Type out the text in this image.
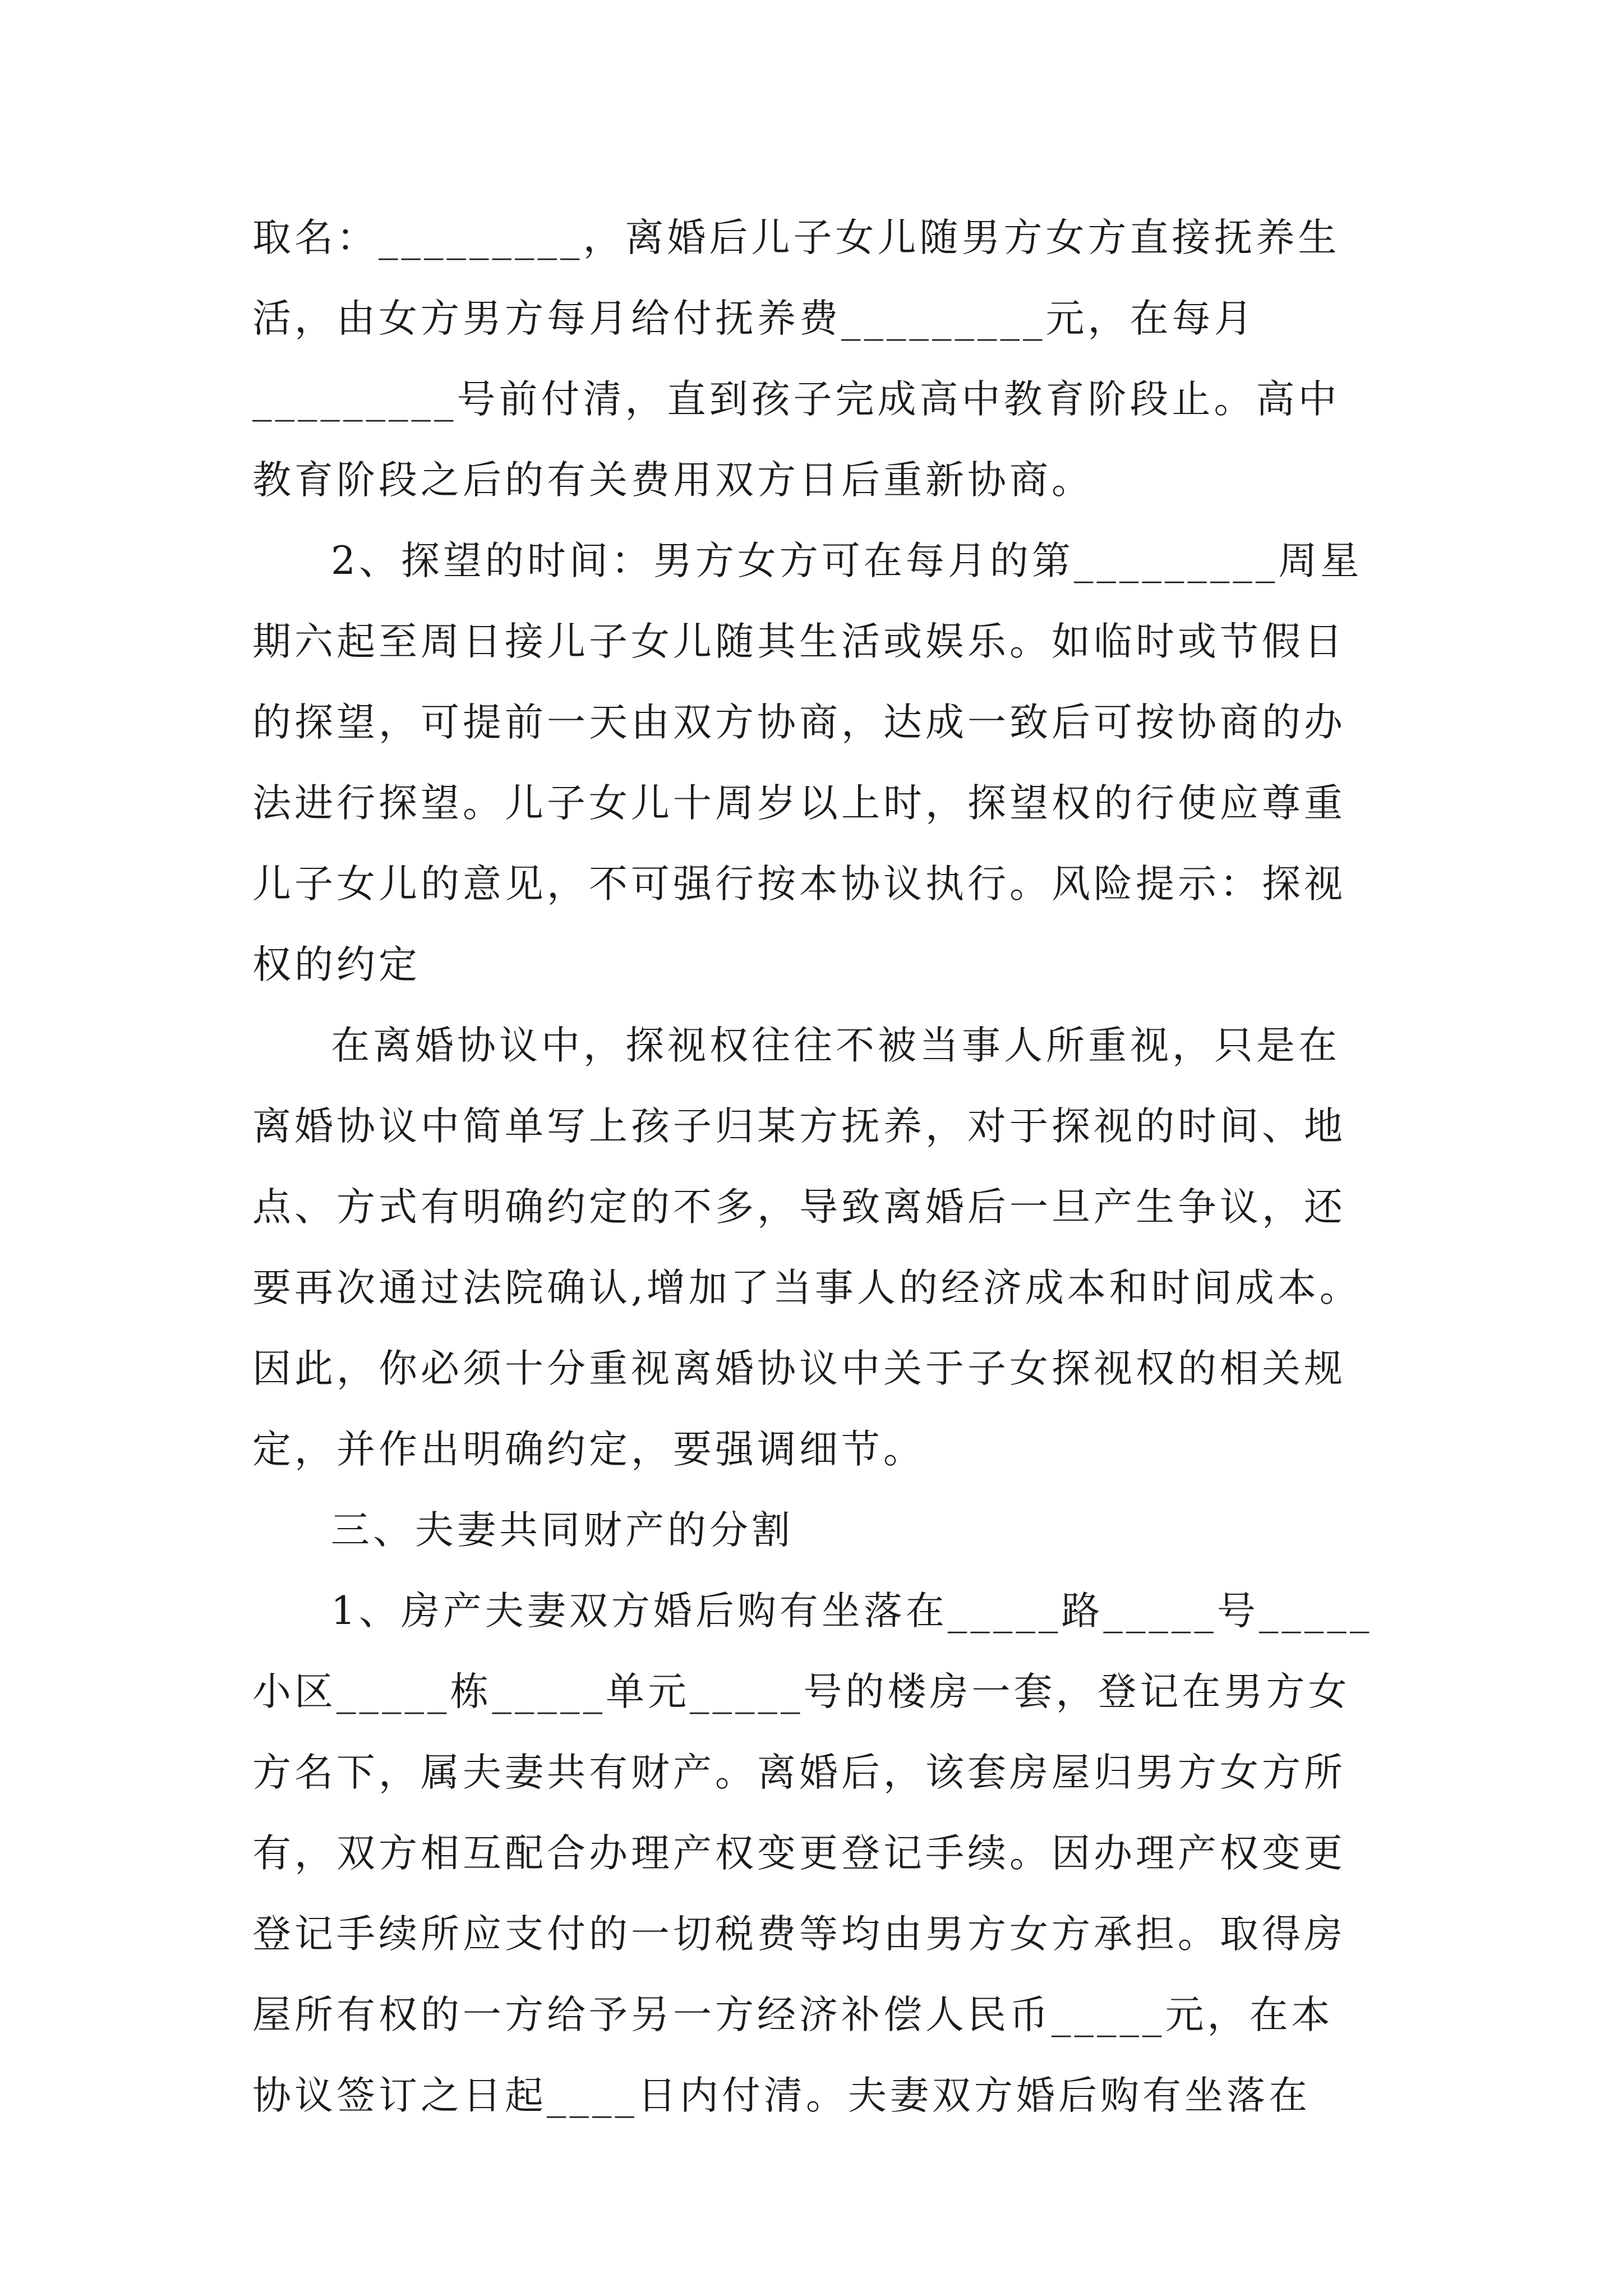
取名：_________，离婚后儿子女儿随男方女方直接抚养生
活，由女方男方每月给付抚养费_________元，在每月
_________号前付清，直到孩子完成高中教育阶段止。高中
教育阶段之后的有关费用双方日后重新协商。
2、探望的时间：男方女方可在每月的第_________周星
期六起至周日接儿子女儿随其生活或娱乐。如临时或节假日
的探望，可提前一天由双方协商，达成一致后可按协商的办
法进行探望。儿子女儿十周岁以上时，探望权的行使应尊重
儿子女儿的意见，不可强行按本协议执行。风险提示：探视
权的约定
在离婚协议中，探视权往往不被当事人所重视，只是在
离婚协议中简单写上孩子归某方抚养，对于探视的时间、地
点、方式有明确约定的不多，导致离婚后一旦产生争议，还
要再次通过法院确认,增加了当事人的经济成本和时间成本。
因此，你必须十分重视离婚协议中关于子女探视权的相关规
定，并作出明确约定，要强调细节。
三、夫妻共同财产的分割
1、房产夫妻双方婚后购有坐落在_____路_____号_____
小区_____栋_____单元_____号的楼房一套，登记在男方女
方名下，属夫妻共有财产。离婚后，该套房屋归男方女方所
有，双方相互配合办理产权变更登记手续。因办理产权变更
登记手续所应支付的一切税费等均由男方女方承担。取得房
屋所有权的一方给予另一方经济补偿人民币_____元，在本
协议签订之日起____日内付清。夫妻双方婚后购有坐落在
